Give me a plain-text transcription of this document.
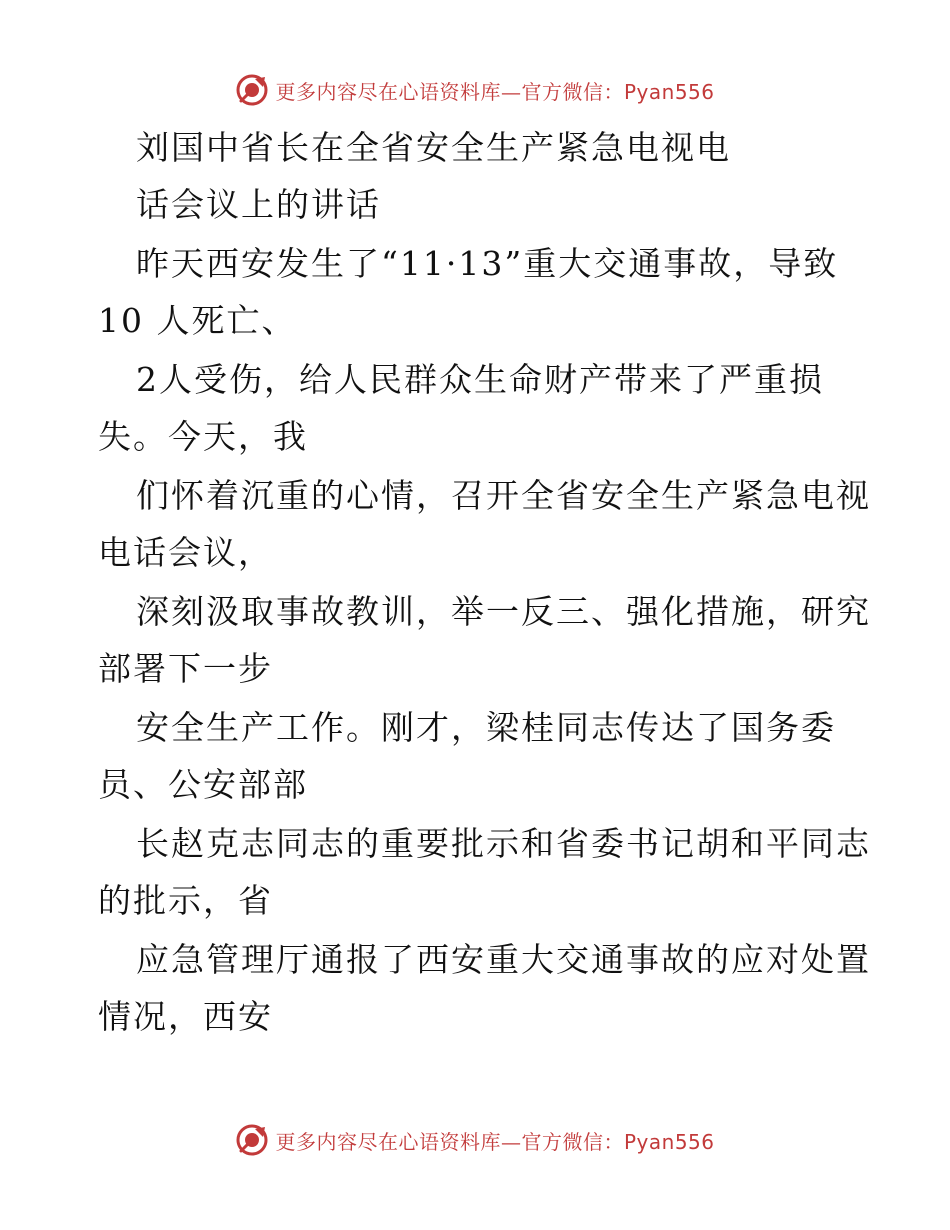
更多内容尽在心语资料库—官方微信：Pyan556
刘国中省长在全省安全生产紧急电视电
话会议上的讲话
昨天西安发生了“11·13”重大交通事故，导致
10 人死亡、
2人受伤，给人民群众生命财产带来了严重损
失。今天，我
们怀着沉重的心情，召开全省安全生产紧急电视
电话会议，
深刻汲取事故教训，举一反三、强化措施，研究
部署下一步
安全生产工作。刚才，梁桂同志传达了国务委
员、公安部部
长赵克志同志的重要批示和省委书记胡和平同志
的批示，省
应急管理厅通报了西安重大交通事故的应对处置
情况，西安
更多内容尽在心语资料库—官方微信：Pyan556
